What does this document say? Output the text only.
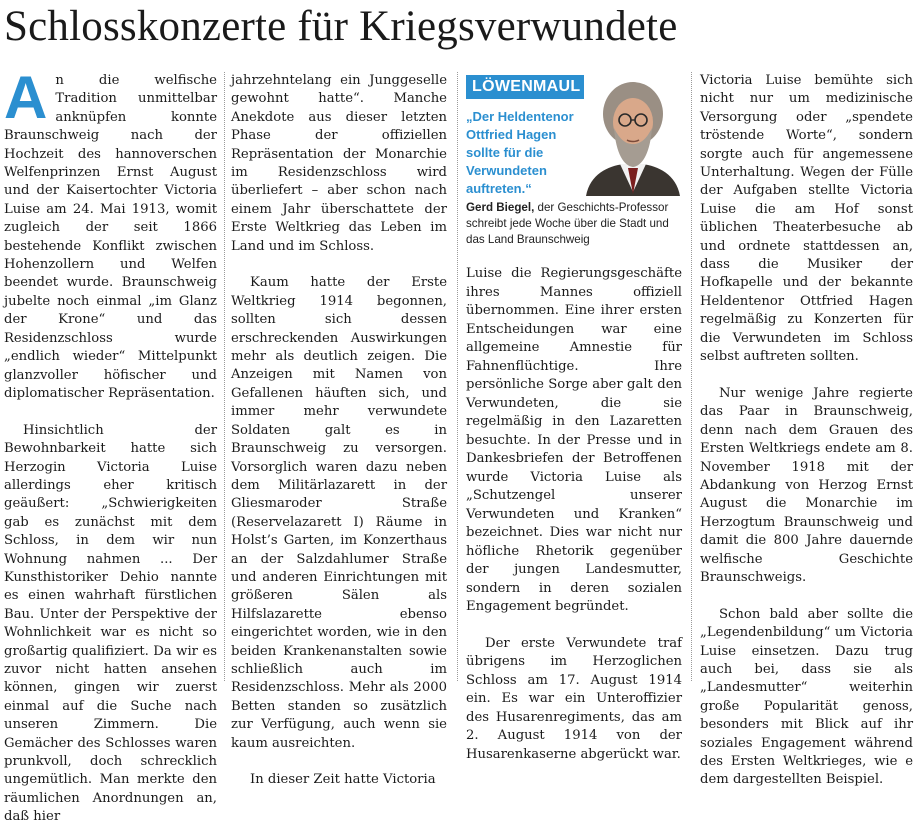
Schlosskonzerte für Kriegsverwundete

An die welfische Tradition unmittelbar anknüpfen konnte Braunschweig nach der Hochzeit des hannoverschen Welfenprinzen Ernst August und der Kaisertochter Victoria Luise am 24. Mai 1913, womit zugleich der seit 1866 bestehende Konflikt zwischen Hohenzollern und Welfen beendet wurde. Braunschweig jubelte noch einmal „im Glanz der Krone“ und das Residenzschloss wurde „endlich wieder“ Mittelpunkt glanzvoller höfischer und diplomatischer Repräsentation.

Hinsichtlich der Bewohnbarkeit hatte sich Herzogin Victoria Luise allerdings eher kritisch geäußert: „Schwierigkeiten gab es zunächst mit dem Schloss, in dem wir nun Wohnung nahmen ... Der Kunsthistoriker Dehio nannte es einen wahrhaft fürstlichen Bau. Unter der Perspektive der Wohnlichkeit war es nicht so großartig qualifiziert. Da wir es zuvor nicht hatten ansehen können, gingen wir zuerst einmal auf die Suche nach unseren Zimmern. Die Gemächer des Schlosses waren prunkvoll, doch schrecklich ungemütlich. Man merkte den räumlichen Anordnungen an, daß hier

jahrzehntelang ein Junggeselle gewohnt hatte“. Manche Anekdote aus dieser letzten Phase der offiziellen Repräsentation der Monarchie im Residenzschloss wird überliefert – aber schon nach einem Jahr überschattete der Erste Weltkrieg das Leben im Land und im Schloss.

Kaum hatte der Erste Weltkrieg 1914 begonnen, sollten sich dessen erschreckenden Auswirkungen mehr als deutlich zeigen. Die Anzeigen mit Namen von Gefallenen häuften sich, und immer mehr verwundete Soldaten galt es in Braunschweig zu versorgen. Vorsorglich waren dazu neben dem Militärlazarett in der Gliesmaroder Straße (Reservelazarett I) Räume in Holst’s Garten, im Konzerthaus an der Salzdahlumer Straße und anderen Einrichtungen mit größeren Sälen als Hilfslazarette ebenso eingerichtet worden, wie in den beiden Krankenanstalten sowie schließlich auch im Residenzschloss. Mehr als 2000 Betten standen so zusätzlich zur Verfügung, auch wenn sie kaum ausreichten.

In dieser Zeit hatte Victoria

LÖWENMAUL
„Der Heldentenor Ottfried Hagen sollte für die Verwundeten auftreten.“
Gerd Biegel, der Geschichts-Professor schreibt jede Woche über die Stadt und das Land Braunschweig

Luise die Regierungsgeschäfte ihres Mannes offiziell übernommen. Eine ihrer ersten Entscheidungen war eine allgemeine Amnestie für Fahnenflüchtige. Ihre persönliche Sorge aber galt den Verwundeten, die sie regelmäßig in den Lazaretten besuchte. In der Presse und in Dankesbriefen der Betroffenen wurde Victoria Luise als „Schutzengel unserer Verwundeten und Kranken“ bezeichnet. Dies war nicht nur höfliche Rhetorik gegenüber der jungen Landesmutter, sondern in deren sozialen Engagement begründet.

Der erste Verwundete traf übrigens im Herzoglichen Schloss am 17. August 1914 ein. Es war ein Unteroffizier des Husarenregiments, das am 2. August 1914 von der Husarenkaserne abgerückt war.

Victoria Luise bemühte sich nicht nur um medizinische Versorgung oder „spendete tröstende Worte“, sondern sorgte auch für angemessene Unterhaltung. Wegen der Fülle der Aufgaben stellte Victoria Luise die am Hof sonst üblichen Theaterbesuche ab und ordnete stattdessen an, dass die Musiker der Hofkapelle und der bekannte Heldentenor Ottfried Hagen regelmäßig zu Konzerten für die Verwundeten im Schloss selbst auftreten sollten.

Nur wenige Jahre regierte das Paar in Braunschweig, denn nach dem Grauen des Ersten Weltkriegs endete am 8. November 1918 mit der Abdankung von Herzog Ernst August die Monarchie im Herzogtum Braunschweig und damit die 800 Jahre dauernde welfische Geschichte Braunschweigs.

Schon bald aber sollte die „Legendenbildung“ um Victoria Luise einsetzen. Dazu trug auch bei, dass sie als „Landesmutter“ weiterhin große Popularität genoss, besonders mit Blick auf ihr soziales Engagement während des Ersten Weltkrieges, wie e dem dargestellten Beispiel.
